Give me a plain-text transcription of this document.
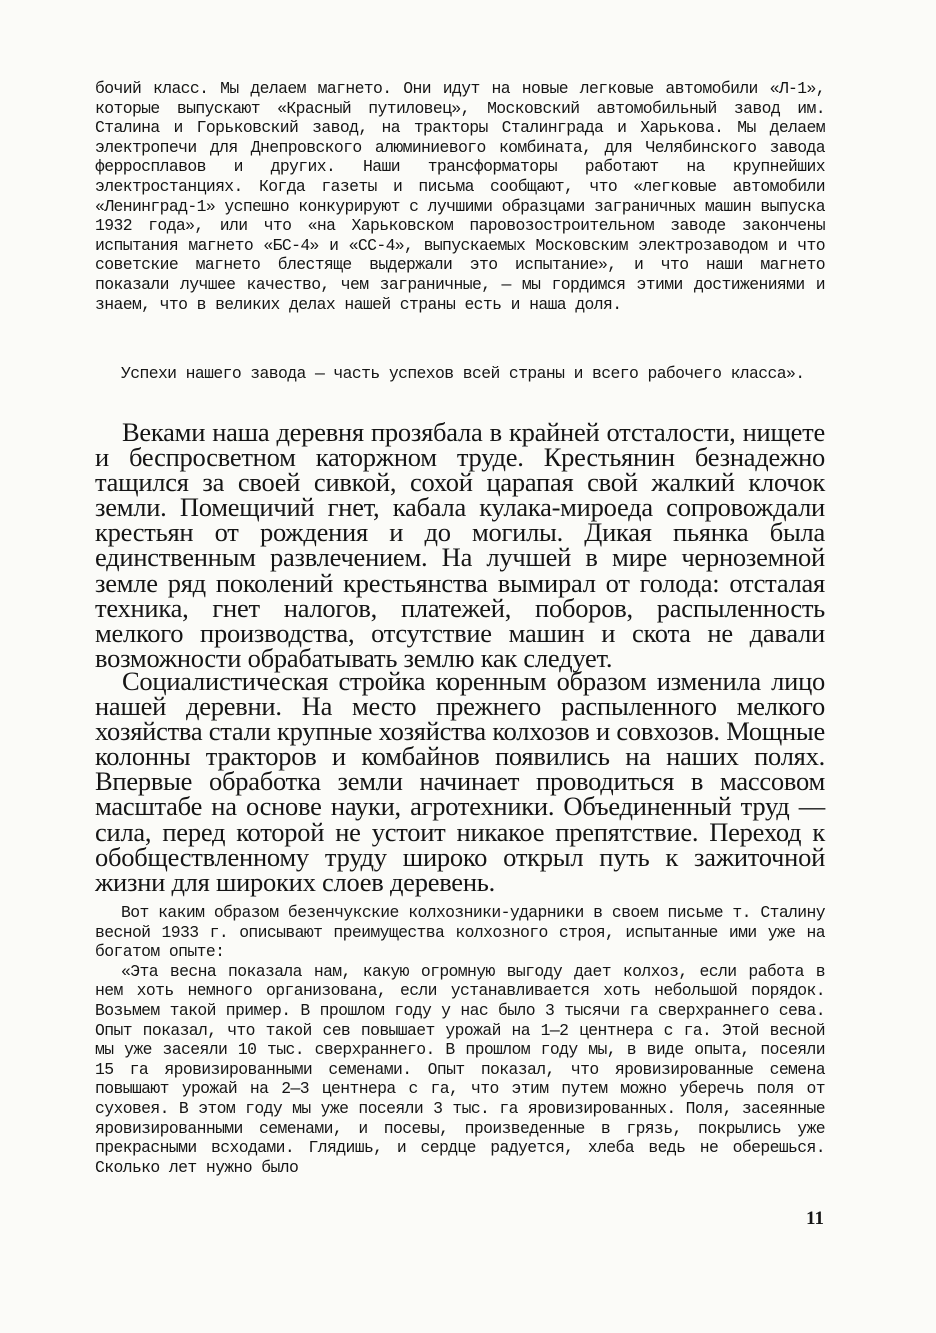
бочий класс. Мы делаем магнето. Они идут на новые легковые автомобили «Л-1», которые выпускают «Красный путиловец», Московский автомобильный завод им. Сталина и Горьковский завод, на тракторы Сталинграда и Харькова. Мы делаем электропечи для Днепровского алюминиевого комбината, для Челябинского завода ферросплавов и других. Наши трансформаторы работают на крупнейших электростанциях. Когда газеты и письма сообщают, что «легковые автомобили «Ленинград-1» успешно конкурируют с лучшими образцами заграничных машин выпуска 1932 года», или что «на Харьковском паровозостроительном заводе закончены испытания магнето «БС-4» и «СС-4», выпускаемых Московским электрозаводом и что советские магнето блестяще выдержали это испытание», и что наши магнето показали лучшее качество, чем заграничные, — мы гордимся этими достижениями и знаем, что в великих делах нашей страны есть и наша доля.

Успехи нашего завода — часть успехов всей страны и всего рабочего класса».

Веками наша деревня прозябала в крайней отсталости, нищете и беспросветном каторжном труде. Крестьянин безнадежно тащился за своей сивкой, сохой царапая свой жалкий клочок земли. Помещичий гнет, кабала кулака-мироеда сопровождали крестьян от рождения и до могилы. Дикая пьянка была единственным развлечением. На лучшей в мире черноземной земле ряд поколений крестьянства вымирал от голода: отсталая техника, гнет налогов, платежей, поборов, распыленность мелкого производства, отсутствие машин и скота не давали возможности обрабатывать землю как следует.

Социалистическая стройка коренным образом изменила лицо нашей деревни. На место прежнего распыленного мелкого хозяйства стали крупные хозяйства колхозов и совхозов. Мощные колонны тракторов и комбайнов появились на наших полях. Впервые обработка земли начинает проводиться в массовом масштабе на основе науки, агротехники. Объединенный труд — сила, перед которой не устоит никакое препятствие. Переход к обобществленному труду широко открыл путь к зажиточной жизни для широких слоев деревень.

Вот каким образом безенчукские колхозники-ударники в своем письме т. Сталину весной 1933 г. описывают преимущества колхозного строя, испытанные ими уже на богатом опыте:

«Эта весна показала нам, какую огромную выгоду дает колхоз, если работа в нем хоть немного организована, если устанавливается хоть небольшой порядок. Возьмем такой пример. В прошлом году у нас было 3 тысячи га сверхраннего сева. Опыт показал, что такой сев повышает урожай на 1—2 центнера с га. Этой весной мы уже засеяли 10 тыс. сверхраннего. В прошлом году мы, в виде опыта, посеяли 15 га яровизированными семенами. Опыт показал, что яровизированные семена повышают урожай на 2—3 центнера с га, что этим путем можно уберечь поля от суховея. В этом году мы уже посеяли 3 тыс. га яровизированных. Поля, засеянные яровизированными семенами, и посевы, произведенные в грязь, покрылись уже прекрасными всходами. Глядишь, и сердце радуется, хлеба ведь не оберешься. Сколько лет нужно было

11
